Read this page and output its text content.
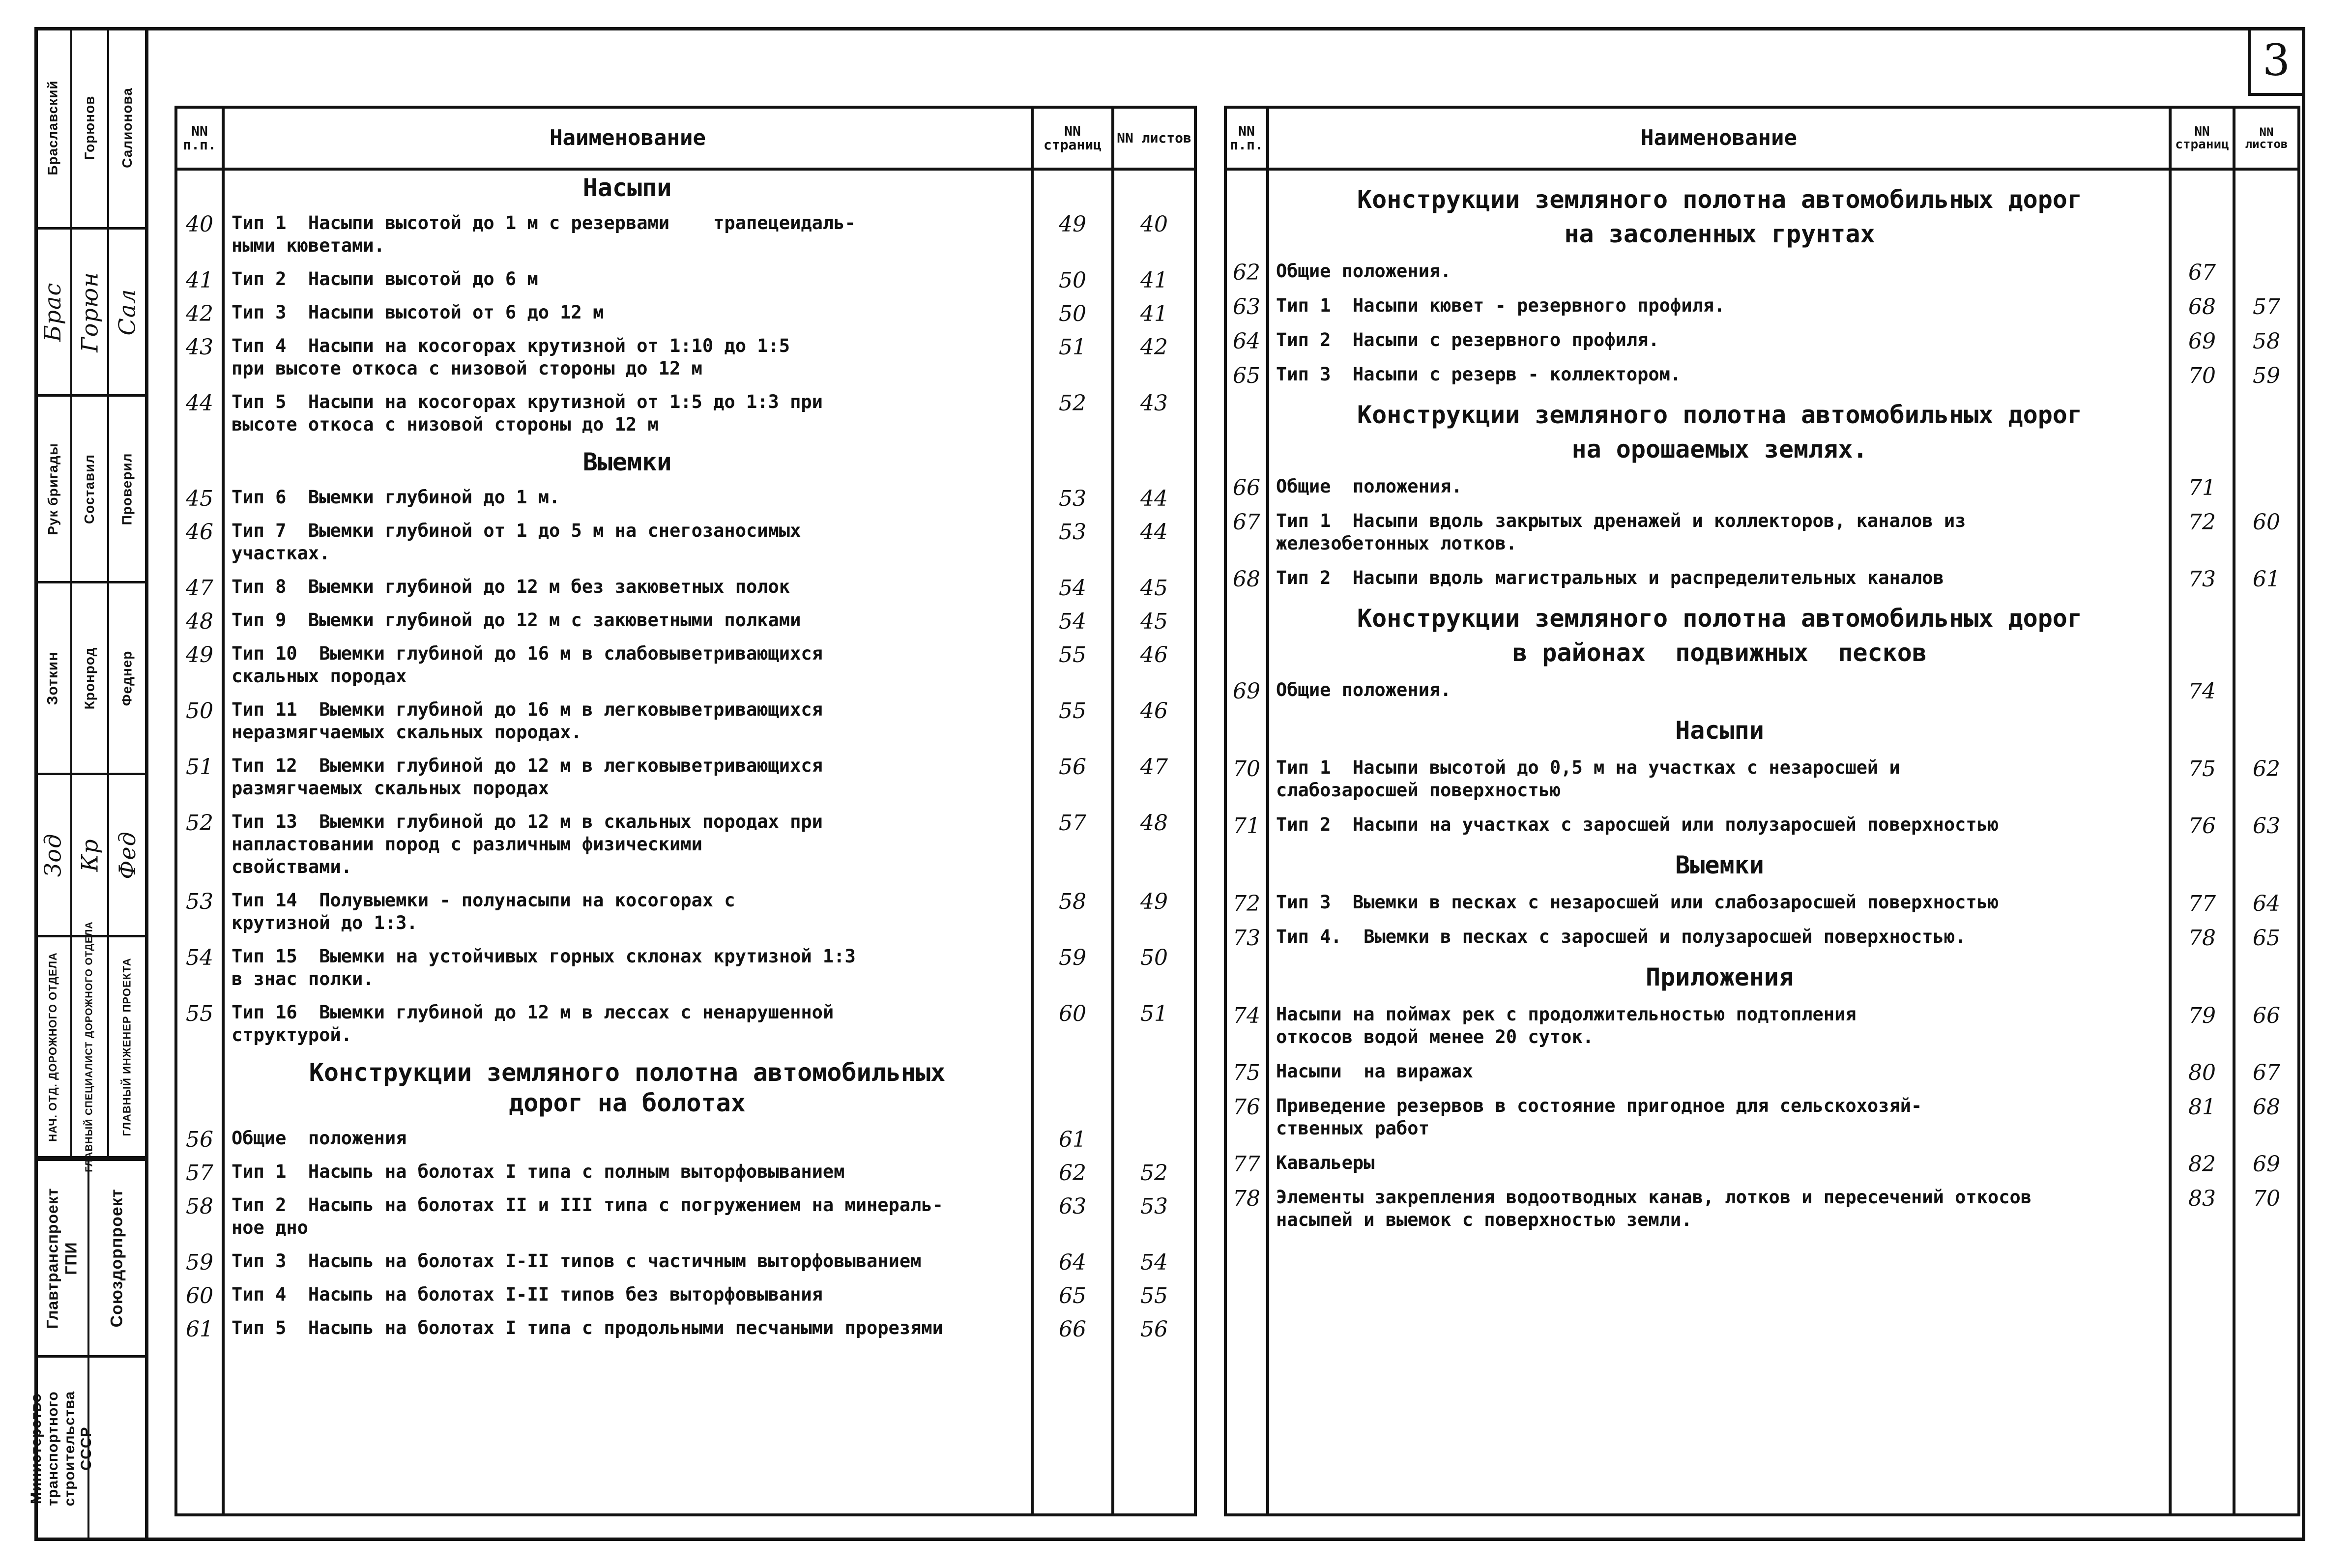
Министерство транспортного строительства СССР
Главтранспроект ГПИ Союздорпроект
НАЧ. ОТД. ДОРОЖНОГО ОТДЕЛА	ГЛАВНЫЙ СПЕЦИАЛИСТ ДОРОЖНОГО ОТДЕЛА ГЛАВНЫЙ ИНЖЕНЕР ПРОЕКТА
Зод Кр Фед
Зоткин Кронрод Феднер
Рук бригады Составил Проверил
Брас Горюн Сал
Браславский Горюнов Салионова
3
NN п.п.	Наименование	NN страниц	NN листов
Насыпи
40	Тип 1  Насыпи высотой до 1 м с резервами    трапецеидаль-
ными кюветами.
49	40
41	Тип 2  Насыпи высотой до 6 м	50	41
42	Тип 3  Насыпи высотой от 6 до 12 м	50	41
43	Тип 4  Насыпи на косогорах крутизной от 1:10 до 1:5
при высоте откоса с низовой стороны до 12 м
51	42
44	Тип 5  Насыпи на косогорах крутизной от 1:5 до 1:3 при
высоте откоса с низовой стороны до 12 м
52	43
Выемки
45	Тип 6  Выемки глубиной до 1 м.	53	44
46	Тип 7  Выемки глубиной от 1 до 5 м на снегозаносимых
участках.
53	44
47	Тип 8  Выемки глубиной до 12 м без закюветных полок	54	45
48	Тип 9  Выемки глубиной до 12 м с закюветными полками	54	45
49	Тип 10  Выемки глубиной до 16 м в слабовыветривающихся
скальных породах
55	46
50	Тип 11  Выемки глубиной до 16 м в легковыветривающихся
неразмягчаемых скальных породах.
55	46
51	Тип 12  Выемки глубиной до 12 м в легковыветривающихся
размягчаемых скальных породах
56	47
52	Тип 13  Выемки глубиной до 12 м в скальных породах при
напластовании пород с различным физическими
свойствами.
57	48
53	Тип 14  Полувыемки - полунасыпи на косогорах с
крутизной до 1:3.
58	49
54	Тип 15  Выемки на устойчивых горных склонах крутизной 1:3
в знас полки.
59	50
55	Тип 16  Выемки глубиной до 12 м в лессах с ненарушенной
структурой.
60	51
Конструкции земляного полотна автомобильных
дорог на болотах
56	Общие  положения	61
57	Тип 1  Насыпь на болотах I типа с полным выторфовыванием	62	52
58	Тип 2  Насыпь на болотах II и III типа с погружением на минераль-
ное дно
63	53
59	Тип 3  Насыпь на болотах I-II типов с частичным выторфовыванием	64	54
60	Тип 4  Насыпь на болотах I-II типов без выторфовывания	65	55
61	Тип 5  Насыпь на болотах I типа с продольными песчаными прорезями	66	56
NN п.п.	Наименование	NN страниц
NN листов
Конструкции земляного полотна автомобильных дорог
на засоленных грунтах
62 Общие положения.	67
63 Тип 1  Насыпи кювет - резервного профиля.	68	57
64 Тип 2  Насыпи с резервного профиля.	69	58
65 Тип 3  Насыпи с резерв - коллектором.	70	59
Конструкции земляного полотна автомобильных дорог
на орошаемых землях.
66 Общие  положения.	71
67 Тип 1  Насыпи вдоль закрытых дренажей и коллекторов, каналов из
железобетонных лотков.
72	60
68 Тип 2  Насыпи вдоль магистральных и распределительных каналов	73	61
Конструкции земляного полотна автомобильных дорог
в районах  подвижных  песков
69 Общие положения.	74
Насыпи
70 Тип 1  Насыпи высотой до 0,5 м на участках с незаросшей и
слабозаросшей поверхностью
75	62
71 Тип 2  Насыпи на участках с заросшей или полузаросшей поверхностью	76	63
Выемки
72 Тип 3  Выемки в песках с незаросшей или слабозаросшей поверхностью	77	64
73 Тип 4.  Выемки в песках с заросшей и полузаросшей поверхностью.	78	65
Приложения
74 Насыпи на поймах рек с продолжительностью подтопления
откосов водой менее 20 суток.
79	66
75 Насыпи  на виражах	80	67
76 Приведение резервов в состояние пригодное для сельскохозяй-
ственных работ
81	68
77 Кавальеры	82	69
78 Элементы закрепления водоотводных канав, лотков и пересечений откосов
насыпей и выемок с поверхностью земли.
83	70
